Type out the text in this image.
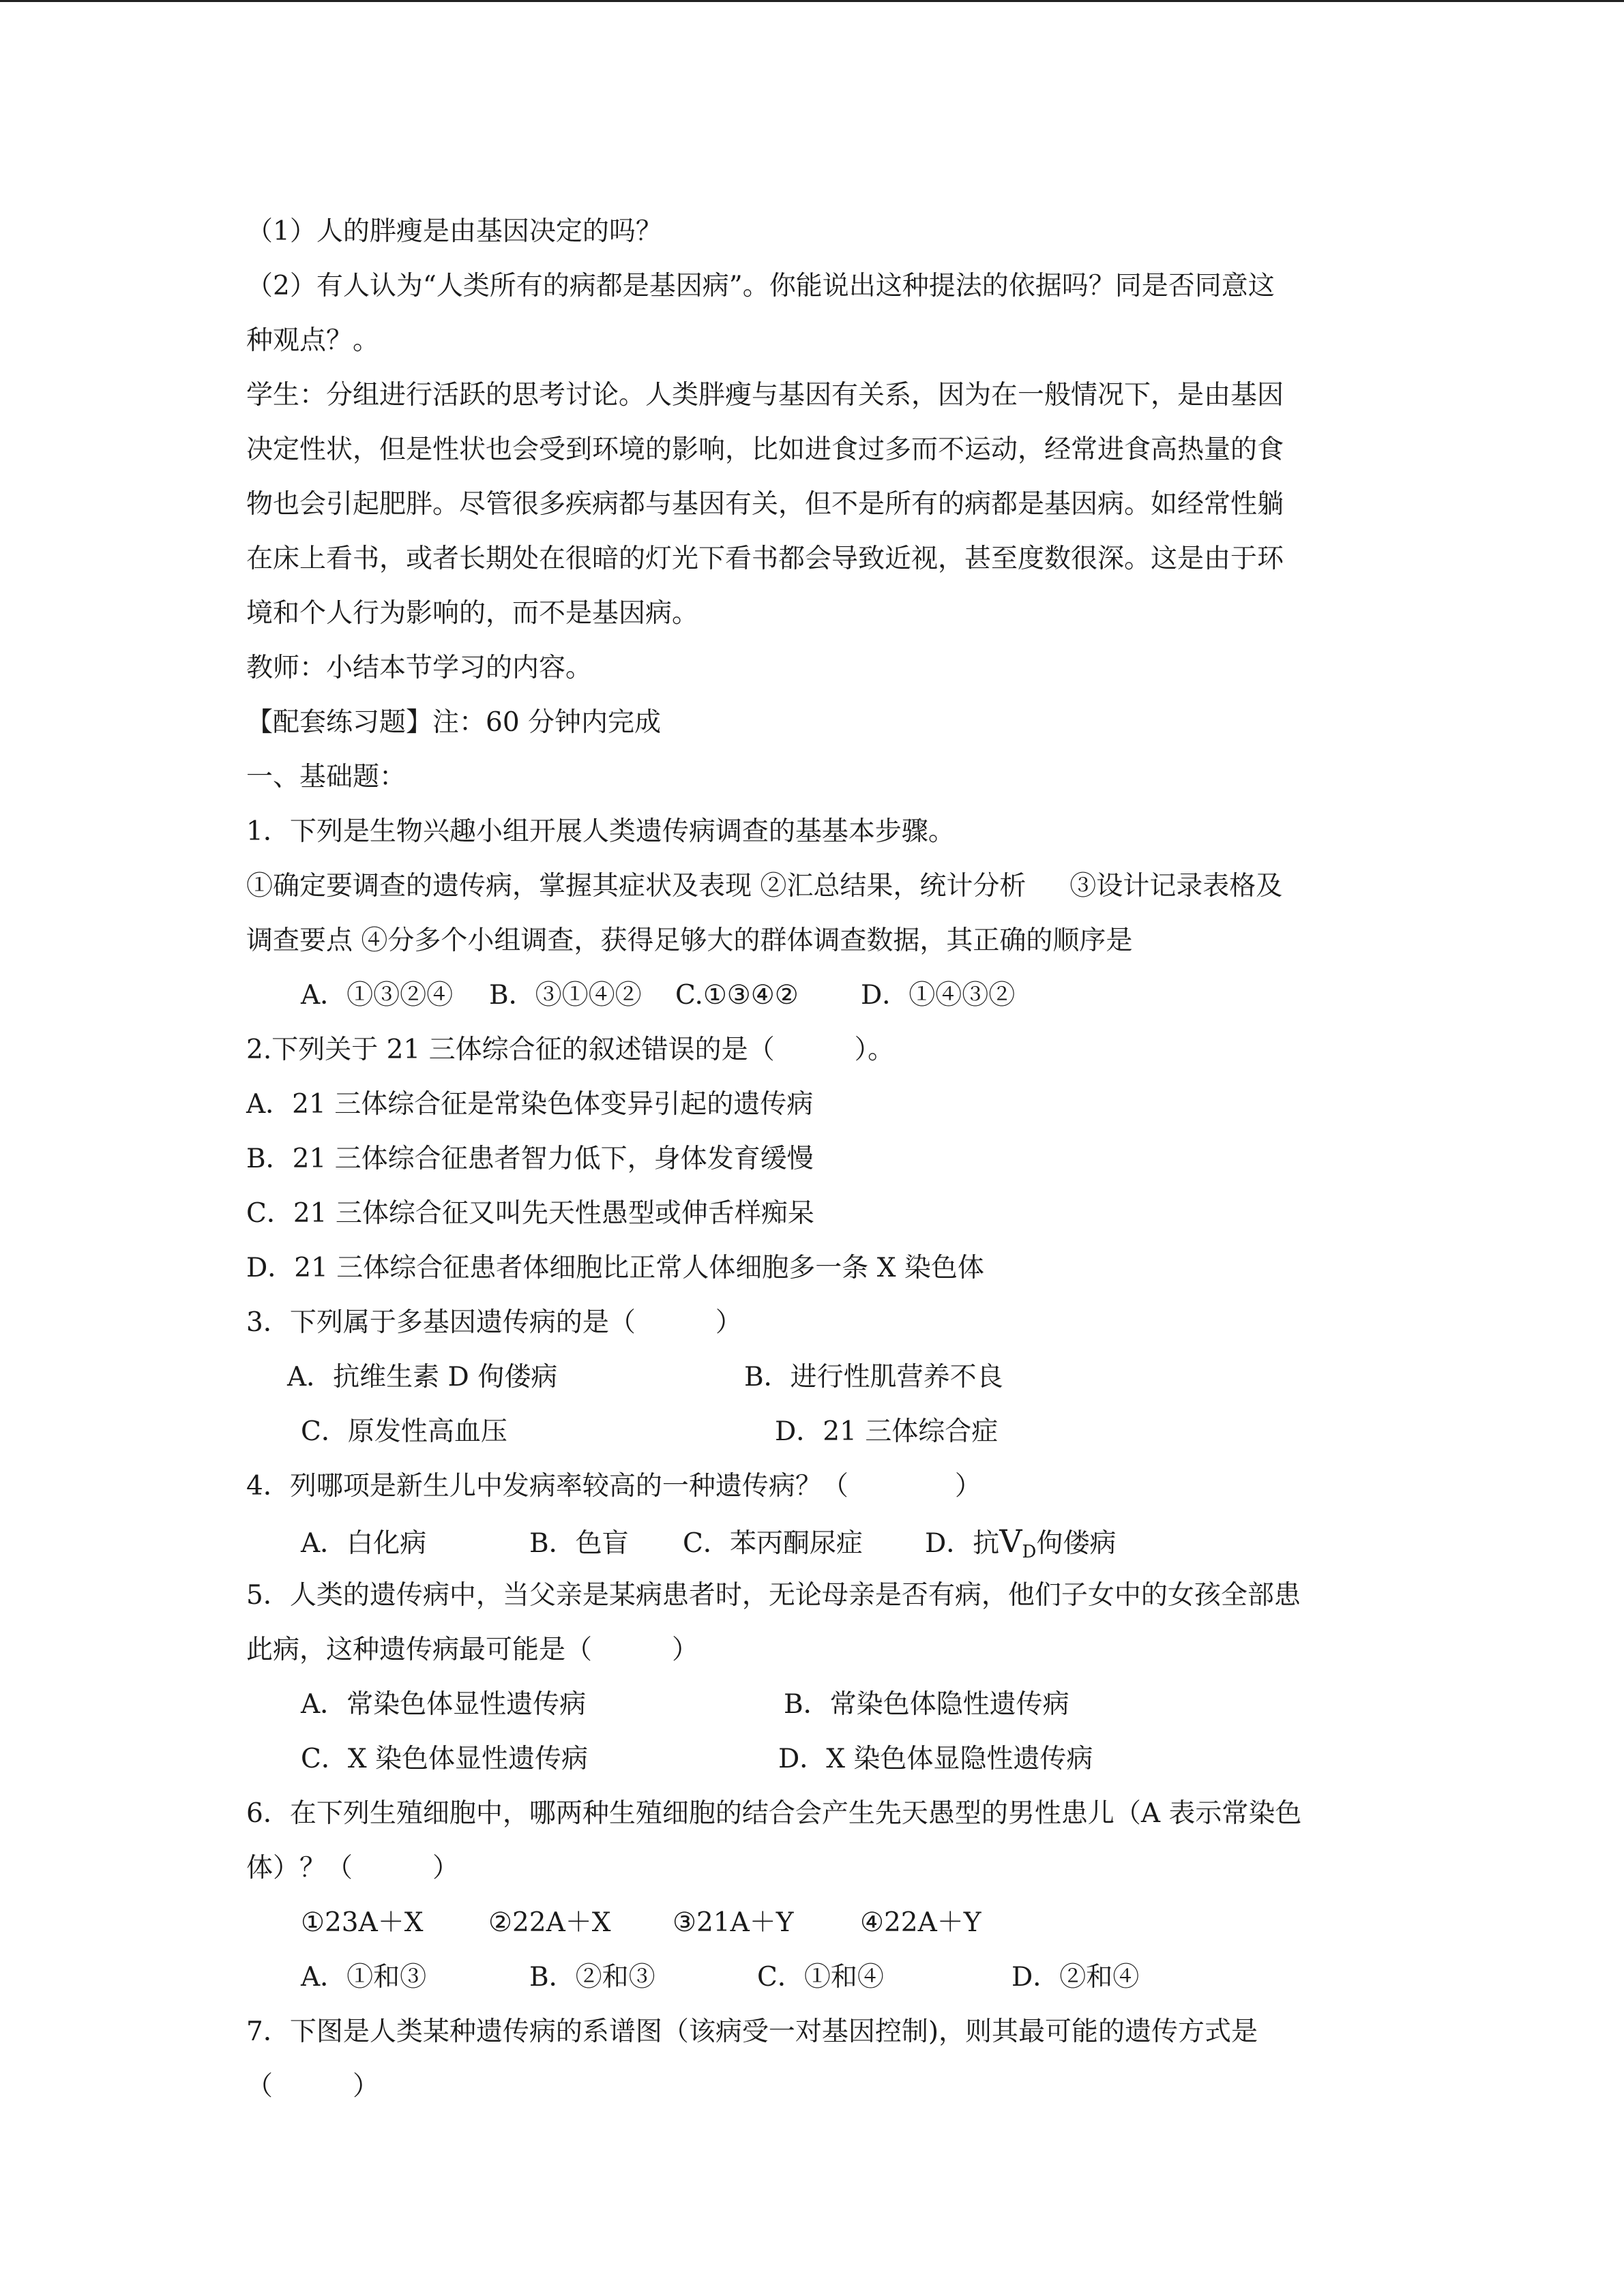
（1）人的胖瘦是由基因决定的吗？
（2）有人认为“人类所有的病都是基因病”。你能说出这种提法的依据吗？同是否同意这
种观点？。
学生：分组进行活跃的思考讨论。人类胖瘦与基因有关系，因为在一般情况下，是由基因
决定性状，但是性状也会受到环境的影响，比如进食过多而不运动，经常进食高热量的食
物也会引起肥胖。尽管很多疾病都与基因有关，但不是所有的病都是基因病。如经常性躺
在床上看书，或者长期处在很暗的灯光下看书都会导致近视，甚至度数很深。这是由于环
境和个人行为影响的，而不是基因病。
教师：小结本节学习的内容。
【配套练习题】注：60 分钟内完成
一、基础题：
1．下列是生物兴趣小组开展人类遗传病调查的基基本步骤。
①确定要调查的遗传病，掌握其症状及表现 ②汇总结果，统计分析 　 ③设计记录表格及
调查要点 ④分多个小组调查，获得足够大的群体调查数据，其正确的顺序是
A．①③②④ B．③①④② C.①③④② D．①④③②
2.下列关于 21 三体综合征的叙述错误的是（　　　）。
A．21 三体综合征是常染色体变异引起的遗传病
B．21 三体综合征患者智力低下，身体发育缓慢
C．21 三体综合征又叫先天性愚型或伸舌样痴呆
D．21 三体综合征患者体细胞比正常人体细胞多一条 X 染色体
3．下列属于多基因遗传病的是（　　　）
A．抗维生素 D 佝偻病	B．进行性肌营养不良
C．原发性高血压	D．21 三体综合症
4．列哪项是新生儿中发病率较高的一种遗传病？（　　　　）
A．白化病	B．色盲 C．苯丙酮尿症 D．抗$V_D$佝偻病
5．人类的遗传病中，当父亲是某病患者时，无论母亲是否有病，他们子女中的女孩全部患
此病，这种遗传病最可能是（　　　）
A．常染色体显性遗传病	B．常染色体隐性遗传病
C．X 染色体显性遗传病	D．X 染色体显隐性遗传病
6．在下列生殖细胞中，哪两种生殖细胞的结合会产生先天愚型的男性患儿（A 表示常染色
体）？（　　　）
①23A＋X ②22A＋X ③21A＋Y	④22A＋Y
A．①和③	B．②和③	C．①和④	D．②和④
7．下图是人类某种遗传病的系谱图（该病受一对基因控制)，则其最可能的遗传方式是
（　　　）
